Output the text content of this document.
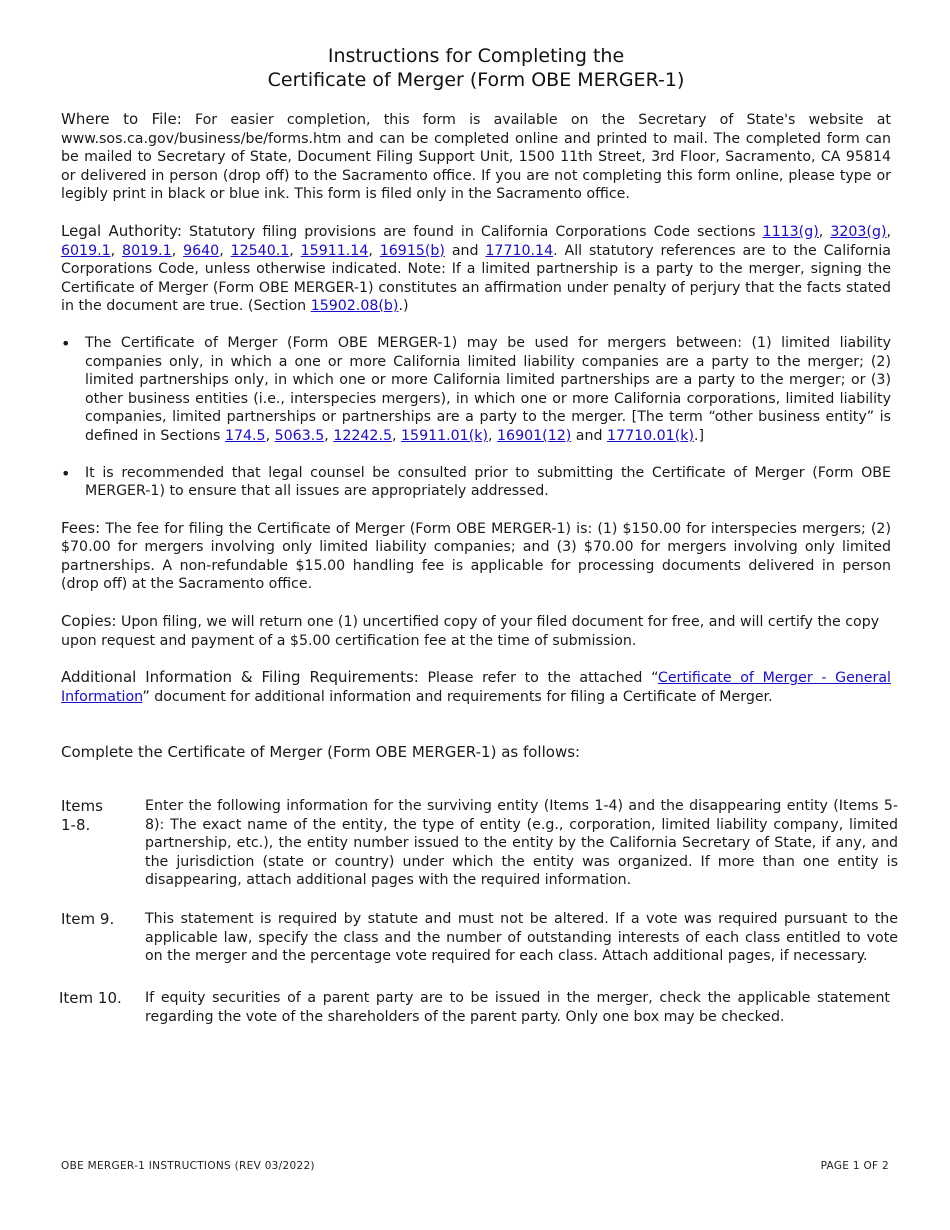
Instructions for Completing the
Certificate of Merger (Form OBE MERGER-1)

Where to File: For easier completion, this form is available on the Secretary of State's website at www.sos.ca.gov/business/be/forms.htm and can be completed online and printed to mail. The completed form can be mailed to Secretary of State, Document Filing Support Unit, 1500 11th Street, 3rd Floor, Sacramento, CA 95814 or delivered in person (drop off) to the Sacramento office. If you are not completing this form online, please type or legibly print in black or blue ink. This form is filed only in the Sacramento office.

Legal Authority: Statutory filing provisions are found in California Corporations Code sections 1113(g), 3203(g), 6019.1, 8019.1, 9640, 12540.1, 15911.14, 16915(b) and 17710.14. All statutory references are to the California Corporations Code, unless otherwise indicated. Note: If a limited partnership is a party to the merger, signing the Certificate of Merger (Form OBE MERGER-1) constitutes an affirmation under penalty of perjury that the facts stated in the document are true. (Section 15902.08(b).)

• The Certificate of Merger (Form OBE MERGER-1) may be used for mergers between: (1) limited liability companies only, in which a one or more California limited liability companies are a party to the merger; (2) limited partnerships only, in which one or more California limited partnerships are a party to the merger; or (3) other business entities (i.e., interspecies mergers), in which one or more California corporations, limited liability companies, limited partnerships or partnerships are a party to the merger. [The term “other business entity” is defined in Sections 174.5, 5063.5, 12242.5, 15911.01(k), 16901(12) and 17710.01(k).]

• It is recommended that legal counsel be consulted prior to submitting the Certificate of Merger (Form OBE MERGER-1) to ensure that all issues are appropriately addressed.

Fees: The fee for filing the Certificate of Merger (Form OBE MERGER-1) is: (1) $150.00 for interspecies mergers; (2) $70.00 for mergers involving only limited liability companies; and (3) $70.00 for mergers involving only limited partnerships. A non-refundable $15.00 handling fee is applicable for processing documents delivered in person (drop off) at the Sacramento office.

Copies: Upon filing, we will return one (1) uncertified copy of your filed document for free, and will certify the copy upon request and payment of a $5.00 certification fee at the time of submission.

Additional Information & Filing Requirements: Please refer to the attached “Certificate of Merger - General Information” document for additional information and requirements for filing a Certificate of Merger.

Complete the Certificate of Merger (Form OBE MERGER-1) as follows:

Items 1-8.
Enter the following information for the surviving entity (Items 1-4) and the disappearing entity (Items 5-8): The exact name of the entity, the type of entity (e.g., corporation, limited liability company, limited partnership, etc.), the entity number issued to the entity by the California Secretary of State, if any, and the jurisdiction (state or country) under which the entity was organized. If more than one entity is disappearing, attach additional pages with the required information.
Item 9.	This statement is required by statute and must not be altered. If a vote was required pursuant to the applicable law, specify the class and the number of outstanding interests of each class entitled to vote on the merger and the percentage vote required for each class. Attach additional pages, if necessary.
Item 10.	If equity securities of a parent party are to be issued in the merger, check the applicable statement regarding the vote of the shareholders of the parent party. Only one box may be checked.
OBE MERGER-1 INSTRUCTIONS (REV 03/2022)	PAGE 1 OF 2
